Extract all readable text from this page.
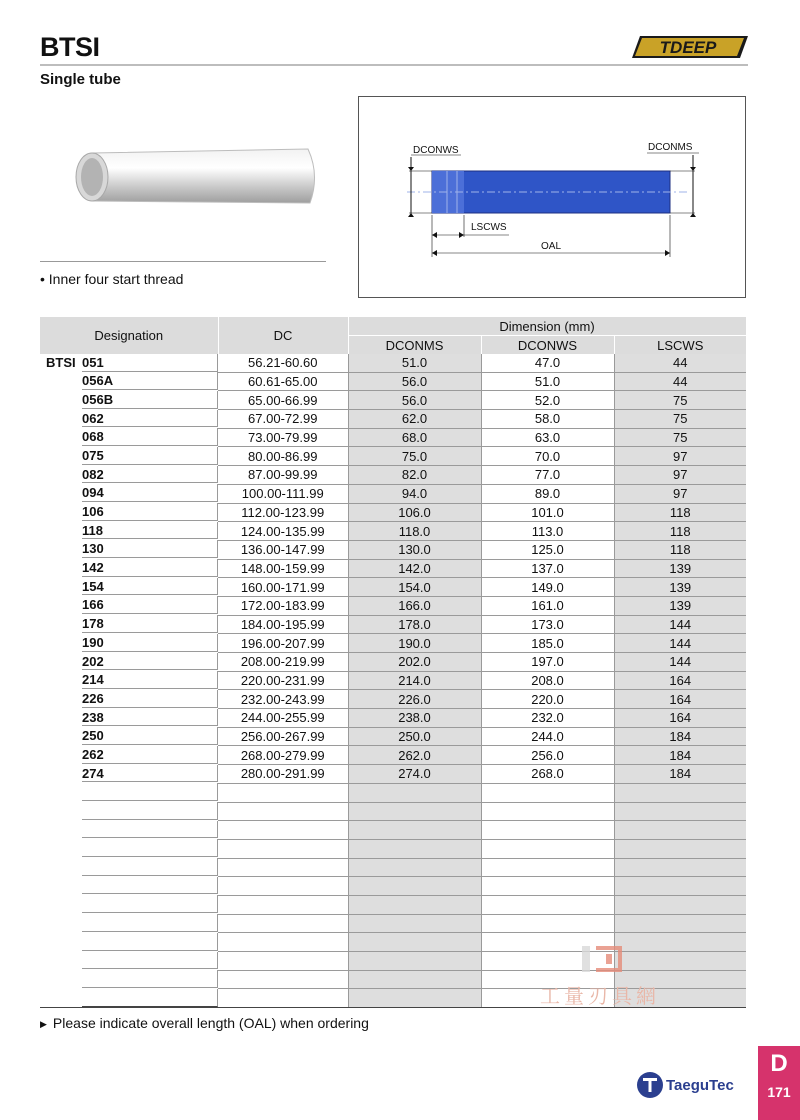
BTSI
Single tube
TDEEP
• Inner four start thread
DCONWS	DCONMS
LSCWS
OAL
Designation	DC	Dimension (mm)		
		DCONMS	DCONWS	LSCWS

BTSI 051	56.21-60.60	51.0	47.0	44

056A	60.61-65.00	56.0	51.0	44

056B	65.00-66.99	56.0	52.0	75

062	67.00-72.99	62.0	58.0	75

068	73.00-79.99	68.0	63.0	75

075	80.00-86.99	75.0	70.0	97

082	87.00-99.99	82.0	77.0	97

094	100.00-111.99	94.0	89.0	97

106	112.00-123.99	106.0	101.0	118

118	124.00-135.99	118.0	113.0	118

130	136.00-147.99	130.0	125.0	118

142	148.00-159.99	142.0	137.0	139

154	160.00-171.99	154.0	149.0	139

166	172.00-183.99	166.0	161.0	139

178	184.00-195.99	178.0	173.0	144

190	196.00-207.99	190.0	185.0	144

202	208.00-219.99	202.0	197.0	144

214	220.00-231.99	214.0	208.0	164

226	232.00-243.99	226.0	220.0	164

238	244.00-255.99	238.0	232.0	164

250	256.00-267.99	250.0	244.0	184

262	268.00-279.99	262.0	256.0	184

274	280.00-291.99	274.0	268.0	184

▶ Please indicate overall length (OAL) when ordering
工量刃具網
TaeguTec
D
171
